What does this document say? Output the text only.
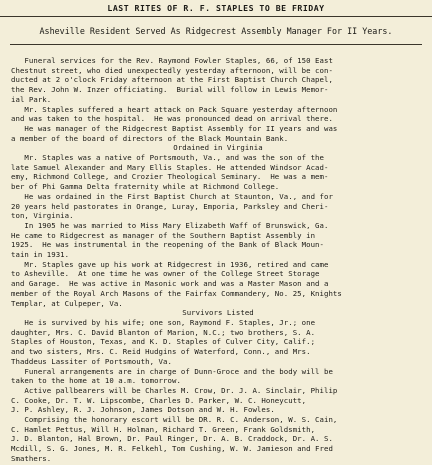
LAST RITES OF R. F. STAPLES TO BE FRIDAY
Asheville Resident Served As Ridgecrest Assembly Manager For II Years.
Funeral services for the Rev. Raymond Fowler Staples, 66, of 150 East
Chestnut street, who died unexpectedly yesterday afternoon, will be con-
ducted at 2 o'clock Friday afternoon at the First Baptist Church Chapel,
the Rev. John W. Inzer officiating.  Burial will follow in Lewis Memor-
ial Park.
Mr. Staples suffered a heart attack on Pack Square yesterday afternoon
and was taken to the hospital.  He was pronounced dead on arrival there.
He was manager of the Ridgecrest Baptist Assembly for II years and was
a member of the board of directors of the Black Mountain Bank.
Ordained in Virginia
Mr. Staples was a native of Portsmouth, Va., and was the son of the
late Samuel Alexander and Mary Ellis Staples. He attended Windsor Acad-
emy, Richmond College, and Crozier Theological Seminary.  He was a mem-
ber of Phi Gamma Delta fraternity while at Richmond College.
He was ordained in the First Baptist Church at Staunton, Va., and for
20 years held pastorates in Orange, Luray, Emporia, Parksley and Cheri-
ton, Virginia.
In 1905 he was married to Miss Mary Elizabeth Waff of Brunswick, Ga.
He came to Ridgecrest as manager of the Southern Baptist Assembly in
1925.  He was instrumental in the reopening of the Bank of Black Moun-
tain in 1931.
Mr. Staples gave up his work at Ridgecrest in 1936, retired and came
to Asheville.  At one time he was owner of the College Street Storage
and Garage.  He was active in Masonic work and was a Master Mason and a
member of the Royal Arch Masons of the Fairfax Commandery, No. 25, Knights
Templar, at Culpeper, Va.
Survivors Listed
He is survived by his wife; one son, Raymond F. Staples, Jr.; one
daughter, Mrs. C. David Blanton of Marion, N.C.; two brothers, S. A.
Staples of Houston, Texas, and K. D. Staples of Culver City, Calif.;
and two sisters, Mrs. C. Reid Hudgins of Waterford, Conn., and Mrs.
Thaddeus Lassiter of Portsmouth, Va.
Funeral arrangements are in charge of Dunn-Groce and the body will be
taken to the home at 10 a.m. tomorrow.
Active pallbearers will be Charles M. Crow, Dr. J. A. Sinclair, Philip
C. Cooke, Dr. T. W. Lipscombe, Charles D. Parker, W. C. Honeycutt,
J. P. Ashley, R. J. Johnson, James Dotson and W. H. Fowles.
Comprising the honorary escort will be DR. R. C. Anderson, W. S. Cain,
C. Hamlet Pettus, Will H. Holman, Richard T. Green, Frank Goldsmith,
J. D. Blanton, Hal Brown, Dr. Paul Ringer, Dr. A. B. Craddock, Dr. A. S.
Mcdill, S. G. Jones, M. R. Felkehl, Tom Cushing, W. W. Jamieson and Fred
Smathers.
